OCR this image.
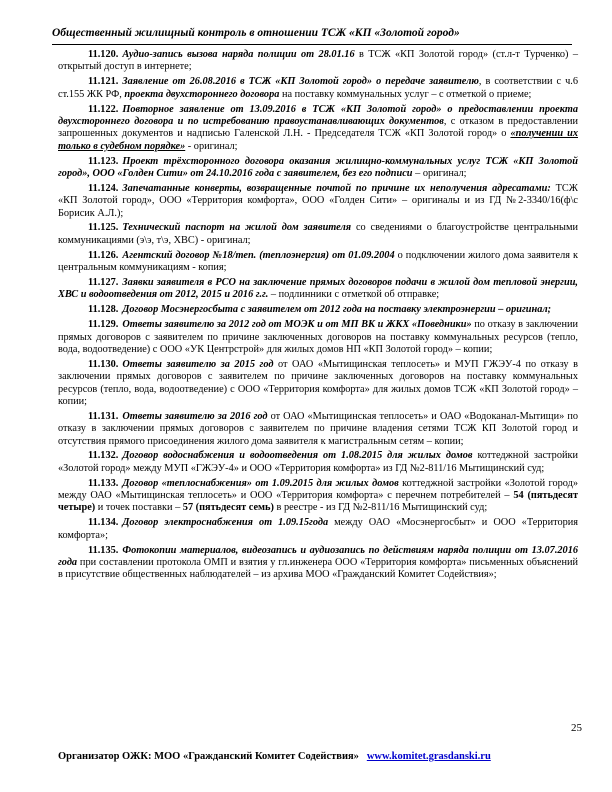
Общественный жилищный контроль в отношении ТСЖ «КП «Золотой город»
11.120. Аудио-запись вызова наряда полиции от 28.01.16 в ТСЖ «КП Золотой город» (ст.л-т Турченко) – открытый доступ в интернете;
11.121. Заявление от 26.08.2016 в ТСЖ «КП Золотой город» о передаче заявителю, в соответствии с ч.6 ст.155 ЖК РФ, проекта двухстороннего договора на поставку коммунальных услуг – с отметкой о приеме;
11.122. Повторное заявление от 13.09.2016 в ТСЖ «КП Золотой город» о предоставлении проекта двухстороннего договора и по истребованию правоустанавливающих документов, с отказом в предоставлении запрошенных документов и надписью Галенской Л.Н. - Председателя ТСЖ «КП Золотой город» о «получении их только в судебном порядке» - оригинал;
11.123. Проект трёхсторонного договора оказания жилищно-коммунальных услуг ТСЖ «КП Золотой город», ООО «Голден Сити» от 24.10.2016 года с заявителем, без его подписи – оригинал;
11.124. Запечатанные конверты, возвращенные почтой по причине их неполучения адресатами: ТСЖ «КП Золотой город», ООО «Территория комфорта», ООО «Голден Сити» – оригиналы и из ГД №2-3340/16(ф\с Борисик А.Л.);
11.125. Технический паспорт на жилой дом заявителя со сведениями о благоустройстве центральными коммуникациями (э\э, т\э, ХВС) - оригинал;
11.126. Агентский договор №18/теп. (теплоэнергия) от 01.09.2004 о подключении жилого дома заявителя к центральным коммуникациям - копия;
11.127. Заявки заявителя в РСО на заключение прямых договоров подачи в жилой дом тепловой энергии, ХВС и водоотведения от 2012, 2015 и 2016 г.г. – подлинники с отметкой об отправке;
11.128. Договор Мосэнергосбыта с заявителем от 2012 года на поставку электроэнергии – оригинал;
11.129. Ответы заявителю за 2012 год от МОЭК и от МП ВК и ЖКХ «Поведники» по отказу в заключении прямых договоров с заявителем по причине заключенных договоров на поставку коммунальных ресурсов (тепло, вода, водоотведение) с ООО «УК Центрстрой» для жилых домов НП «КП Золотой город» – копии;
11.130. Ответы заявителю за 2015 год от ОАО «Мытищинская теплосеть» и МУП ГЖЭУ-4 по отказу в заключении прямых договоров с заявителем по причине заключенных договоров на поставку коммунальных ресурсов (тепло, вода, водоотведение) с ООО «Территория комфорта» для жилых домов ТСЖ «КП Золотой город» – копии;
11.131. Ответы заявителю за 2016 год от ОАО «Мытищинская теплосеть» и ОАО «Водоканал-Мытищи» по отказу в заключении прямых договоров с заявителем по причине владения сетями ТСЖ КП Золотой город и отсутствия прямого присоединения жилого дома заявителя к магистральным сетям – копии;
11.132. Договор водоснабжения и водоотведения от 1.08.2015 для жилых домов коттеджной застройки «Золотой город» между МУП «ГЖЭУ-4» и ООО «Территория комфорта» из ГД №2-811/16 Мытищинский суд;
11.133. Договор «теплоснабжения» от 1.09.2015 для жилых домов коттеджной застройки «Золотой город» между ОАО «Мытищинская теплосеть» и ООО «Территория комфорта» с перечнем потребителей – 54 (пятьдесят четыре) и точек поставки – 57 (пятьдесят семь) в реестре - из ГД №2-811/16 Мытищинский суд;
11.134. Договор электроснабжения от 1.09.15года между ОАО «Мосэнергосбыт» и ООО «Территория комфорта»;
11.135. Фотокопии материалов, видеозапись и аудиозапись по действиям наряда полиции от 13.07.2016 года при составлении протокола ОМП и взятия у гл.инженера ООО «Территория комфорта» письменных объяснений в присутствие общественных наблюдателей – из архива МОО «Гражданский Комитет Содействия»;
25
Организатор ОЖК: МОО «Гражданский Комитет Содействия» www.komitet.grasdanski.ru
